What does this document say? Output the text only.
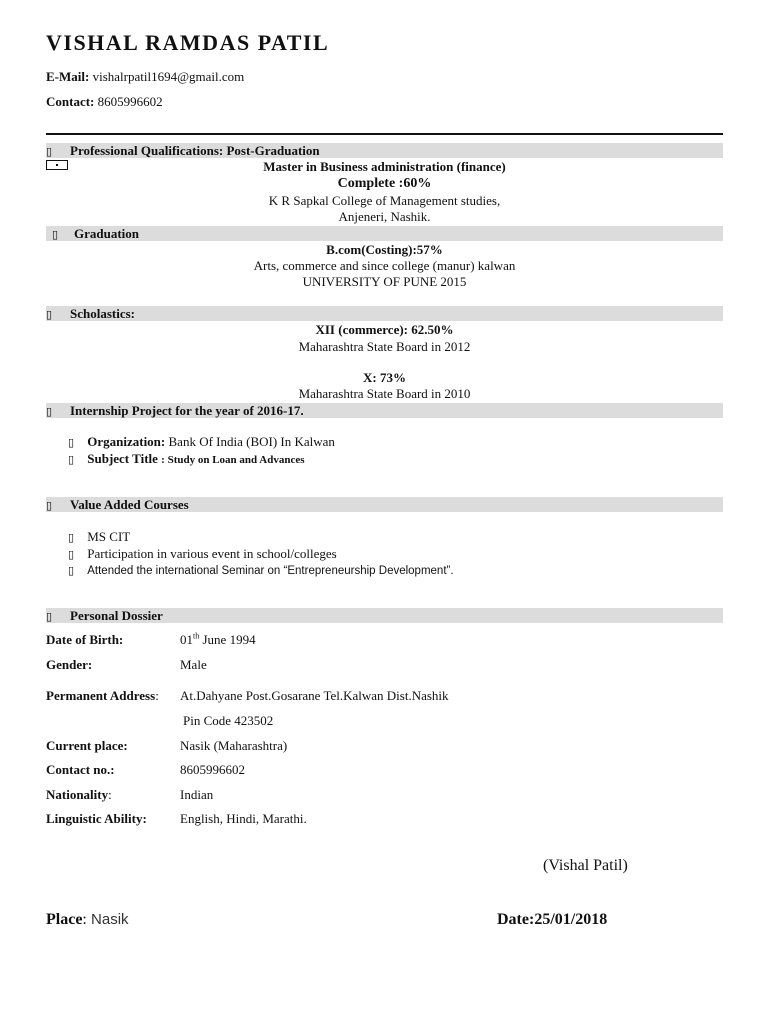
VISHAL RAMDAS PATIL
E-Mail: vishalrpatil1694@gmail.com
Contact: 8605996602
▯ Professional Qualifications: Post-Graduation
Master in Business administration (finance)
Complete :60%
K R Sapkal College of Management studies,
Anjeneri, Nashik.
▯ Graduation
B.com(Costing):57%
Arts, commerce and since college (manur) kalwan
UNIVERSITY OF PUNE 2015
▯ Scholastics:
XII (commerce): 62.50%
Maharashtra State Board in 2012
X: 73%
Maharashtra State Board in 2010
▯ Internship Project for the year of 2016-17.
▯ Organization: Bank Of India (BOI) In Kalwan
▯ Subject Title : Study on Loan and Advances
▯ Value Added Courses
▯ MS CIT
▯ Participation in various event in school/colleges
▯ Attended the international Seminar on “Entrepreneurship Development”.
▯ Personal Dossier
Date of Birth:	01th June 1994
Gender:	Male
Permanent Address: At.Dahyane Post.Gosarane Tel.Kalwan Dist.Nashik
Pin Code 423502
Current place:	Nasik (Maharashtra)
Contact no.:	8605996602
Nationality:	Indian
Linguistic Ability:	English, Hindi, Marathi.
(Vishal Patil)
Place: Nasik	Date:25/01/2018
